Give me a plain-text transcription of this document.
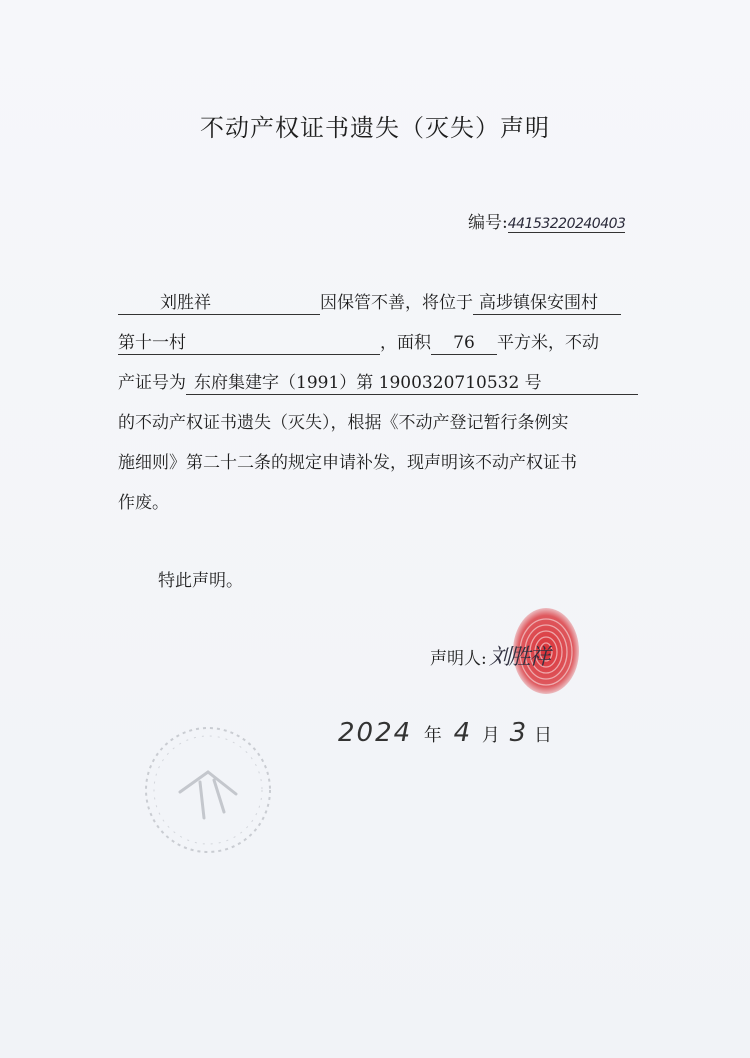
不动产权证书遗失（灭失）声明
编号:44153220240403
刘胜祥	因保管不善，将位于 高埗镇保安围村
第十一村	，面积 76 平方米，不动
产证号为 东府集建字（1991）第 1900320710532 号
的不动产权证书遗失（灭失），根据《不动产登记暂行条例实
施细则》第二十二条的规定申请补发，现声明该不动产权证书
作废。
特此声明。
声明人:刘胜祥
2024 年 4 月 3 日
